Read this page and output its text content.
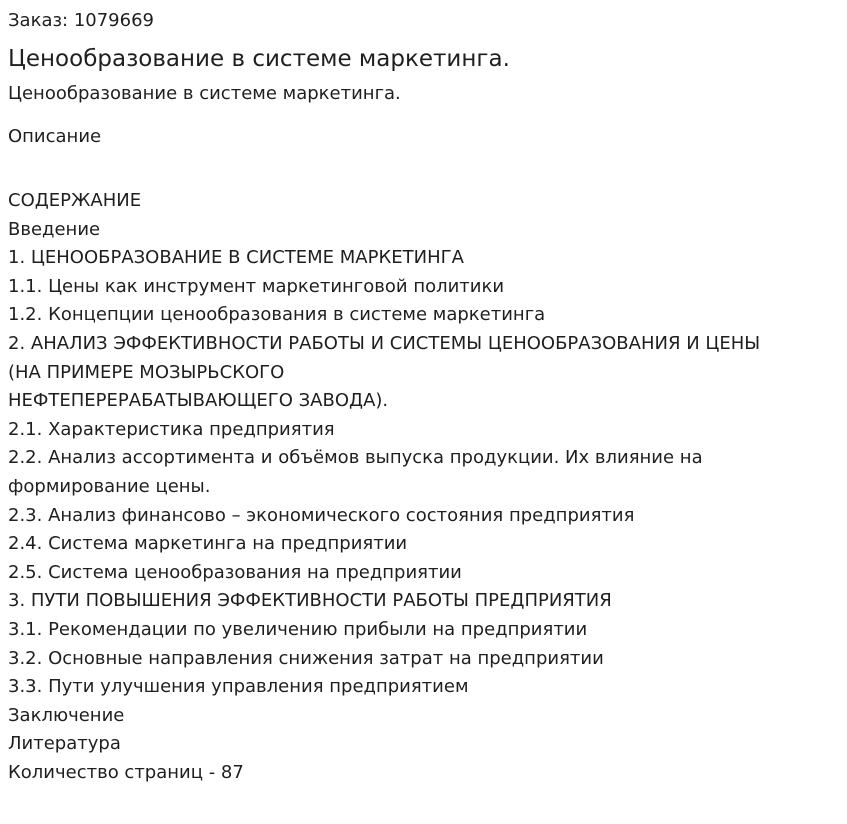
Заказ: 1079669
Ценообразование в системе маркетинга.
Ценообразование в системе маркетинга.
Описание
СОДЕРЖАНИЕ
Введение
1. ЦЕНООБРАЗОВАНИЕ В СИСТЕМЕ МАРКЕТИНГА
1.1. Цены как инструмент маркетинговой политики
1.2. Концепции ценообразования в системе маркетинга
2. АНАЛИЗ ЭФФЕКТИВНОСТИ РАБОТЫ И СИСТЕМЫ ЦЕНООБРАЗОВАНИЯ И ЦЕНЫ
(НА ПРИМЕРЕ МОЗЫРЬСКОГО
НЕФТЕПЕРЕРАБАТЫВАЮЩЕГО ЗАВОДА).
2.1. Характеристика предприятия
2.2. Анализ ассортимента и объёмов выпуска продукции. Их влияние на
формирование цены.
2.3. Анализ финансово – экономического состояния предприятия
2.4. Система маркетинга на предприятии
2.5. Система ценообразования на предприятии
3. ПУТИ ПОВЫШЕНИЯ ЭФФЕКТИВНОСТИ РАБОТЫ ПРЕДПРИЯТИЯ
3.1. Рекомендации по увеличению прибыли на предприятии
3.2. Основные направления снижения затрат на предприятии
3.3. Пути улучшения управления предприятием
Заключение
Литература
Количество страниц - 87
